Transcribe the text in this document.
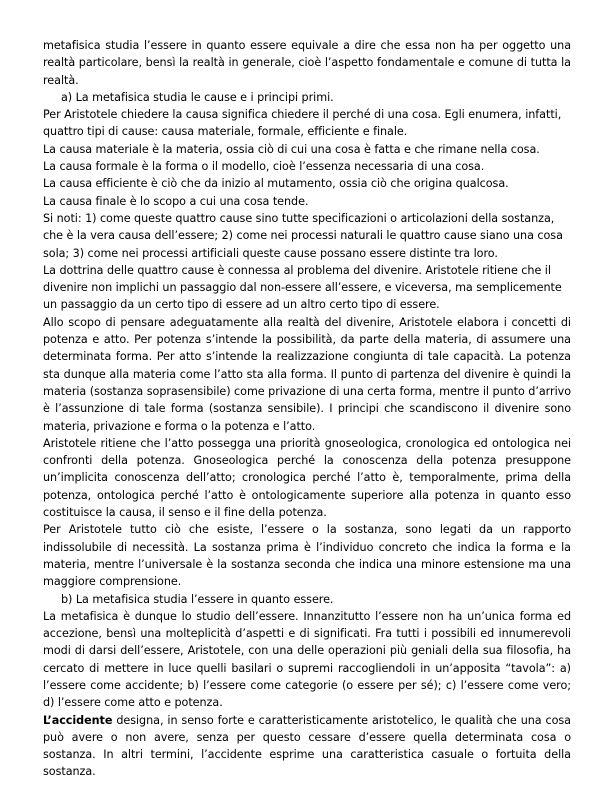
metafisica studia l’essere in quanto essere equivale a dire che essa non ha per oggetto una realtà particolare, bensì la realtà in generale, cioè l’aspetto fondamentale e comune di tutta la realtà.

a) La metafisica studia le cause e i principi primi.

Per Aristotele chiedere la causa significa chiedere il perché di una cosa. Egli enumera, infatti, quattro tipi di cause: causa materiale, formale, efficiente e finale.

La causa materiale è la materia, ossia ciò di cui una cosa è fatta e che rimane nella cosa.

La causa formale è la forma o il modello, cioè l’essenza necessaria di una cosa.

La causa efficiente è ciò che da inizio al mutamento, ossia ciò che origina qualcosa.

La causa finale è lo scopo a cui una cosa tende.

Si noti: 1) come queste quattro cause sino tutte specificazioni o articolazioni della sostanza, che è la vera causa dell’essere; 2) come nei processi naturali le quattro cause siano una cosa sola; 3) come nei processi artificiali queste cause possano essere distinte tra loro.

La dottrina delle quattro cause è connessa al problema del divenire. Aristotele ritiene che il divenire non implichi un passaggio dal non-essere all’essere, e viceversa, ma semplicemente un passaggio da un certo tipo di essere ad un altro certo tipo di essere.

Allo scopo di pensare adeguatamente alla realtà del divenire, Aristotele elabora i concetti di potenza e atto. Per potenza s’intende la possibilità, da parte della materia, di assumere una determinata forma. Per atto s’intende la realizzazione congiunta di tale capacità. La potenza sta dunque alla materia come l’atto sta alla forma. Il punto di partenza del divenire è quindi la materia (sostanza soprasensibile) come privazione di una certa forma, mentre il punto d’arrivo è l’assunzione di tale forma (sostanza sensibile). I principi che scandiscono il divenire sono materia, privazione e forma o la potenza e l’atto.

Aristotele ritiene che l’atto possegga una priorità gnoseologica, cronologica ed ontologica nei confronti della potenza. Gnoseologica perché la conoscenza della potenza presuppone un’implicita conoscenza dell’atto; cronologica perché l’atto è, temporalmente, prima della potenza, ontologica perché l’atto è ontologicamente superiore alla potenza in quanto esso costituisce la causa, il senso e il fine della potenza.

Per Aristotele tutto ciò che esiste, l’essere o la sostanza, sono legati da un rapporto indissolubile di necessità. La sostanza prima è l’individuo concreto che indica la forma e la materia, mentre l’universale è la sostanza seconda che indica una minore estensione ma una maggiore comprensione.

b) La metafisica studia l’essere in quanto essere.

La metafisica è dunque lo studio dell’essere. Innanzitutto l’essere non ha un’unica forma ed accezione, bensì una molteplicità d’aspetti e di significati. Fra tutti i possibili ed innumerevoli modi di darsi dell’essere, Aristotele, con una delle operazioni più geniali della sua filosofia, ha cercato di mettere in luce quelli basilari o supremi raccogliendoli in un’apposita “tavola”: a) l’essere come accidente; b) l’essere come categorie (o essere per sé); c) l’essere come vero; d) l’essere come atto e potenza.

L’accidente designa, in senso forte e caratteristicamente aristotelico, le qualità che una cosa può avere o non avere, senza per questo cessare d’essere quella determinata cosa o sostanza. In altri termini, l’accidente esprime una caratteristica casuale o fortuita della sostanza.
